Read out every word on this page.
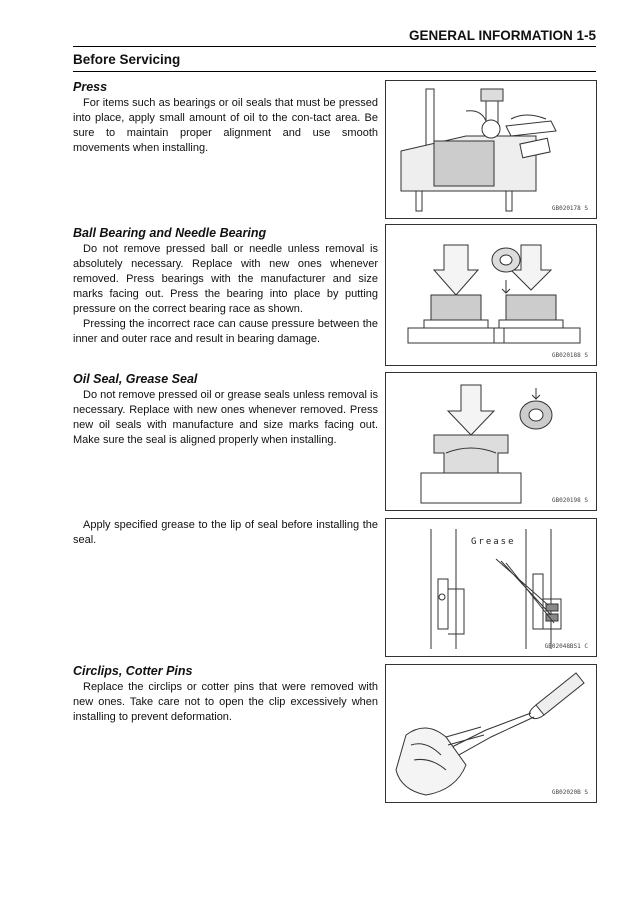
GENERAL INFORMATION 1-5
Before Servicing
Press

For items such as bearings or oil seals that must be pressed into place, apply small amount of oil to the con-tact area. Be sure to maintain proper alignment and use smooth movements when installing.

GB020178 S
Ball Bearing and Needle Bearing

Do not remove pressed ball or needle unless removal is absolutely necessary. Replace with new ones whenever removed. Press bearings with the manufacturer and size marks facing out. Press the bearing into place by putting pressure on the correct bearing race as shown.

Pressing the incorrect race can cause pressure between the inner and outer race and result in bearing damage.

GB020188 S
Oil Seal, Grease Seal

Do not remove pressed oil or grease seals unless removal is necessary. Replace with new ones whenever removed. Press new oil seals with manufacture and size marks facing out. Make sure the seal is aligned properly when installing.

GB020198 S

Apply specified grease to the lip of seal before installing the seal.	Grease
GB02048BS1 C
Circlips, Cotter Pins

Replace the circlips or cotter pins that were removed with new ones. Take care not to open the clip excessively when installing to prevent deformation.

GB02020B S
